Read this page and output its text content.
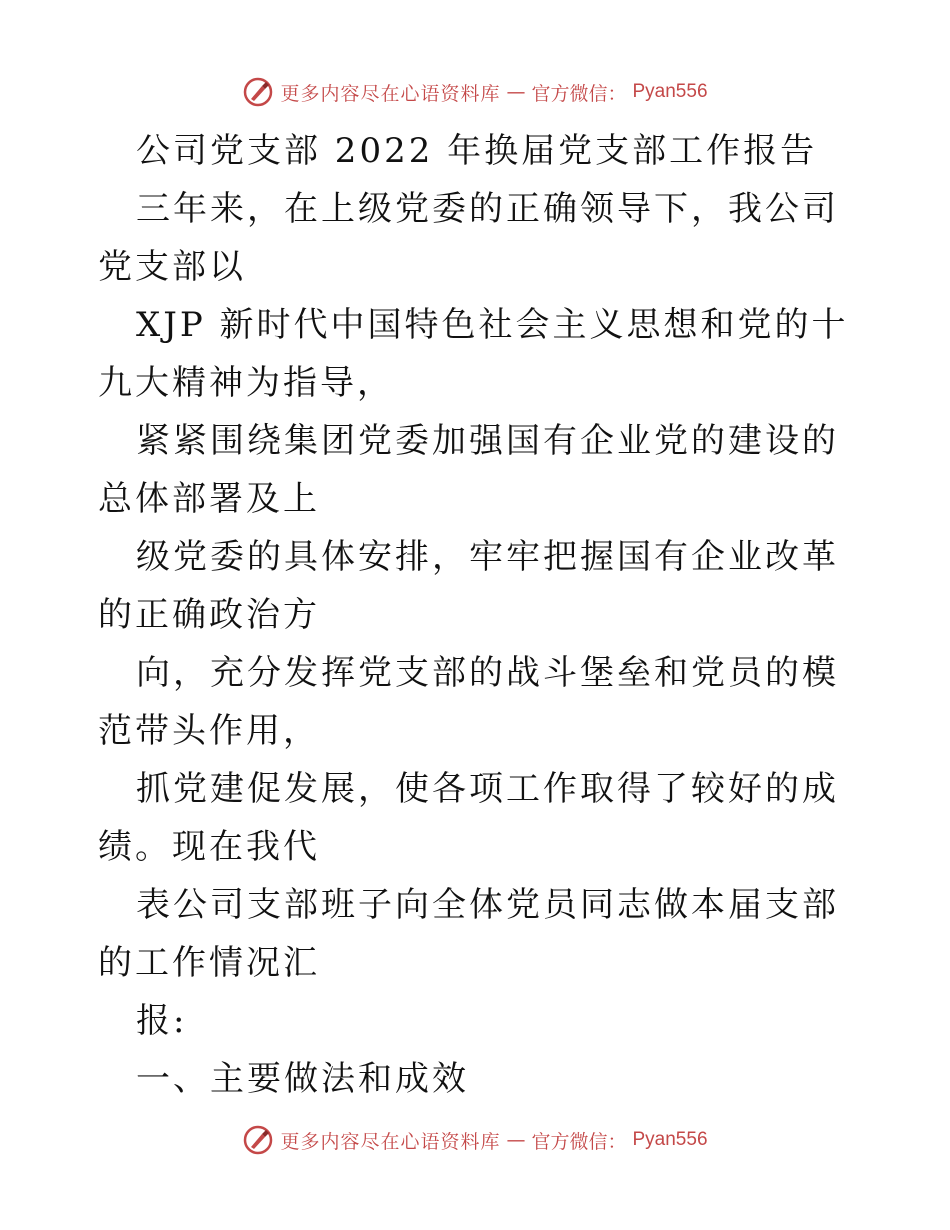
更多内容尽在心语资料库 — 官方微信： Pyan556

公司党支部 2022 年换届党支部工作报告

三年来，在上级党委的正确领导下，我公司党支部以

XJP 新时代中国特色社会主义思想和党的十九大精神为指导，

紧紧围绕集团党委加强国有企业党的建设的总体部署及上

级党委的具体安排，牢牢把握国有企业改革的正确政治方

向，充分发挥党支部的战斗堡垒和党员的模范带头作用，

抓党建促发展，使各项工作取得了较好的成绩。现在我代

表公司支部班子向全体党员同志做本届支部的工作情况汇

报:

一、主要做法和成效

更多内容尽在心语资料库 — 官方微信： Pyan556
